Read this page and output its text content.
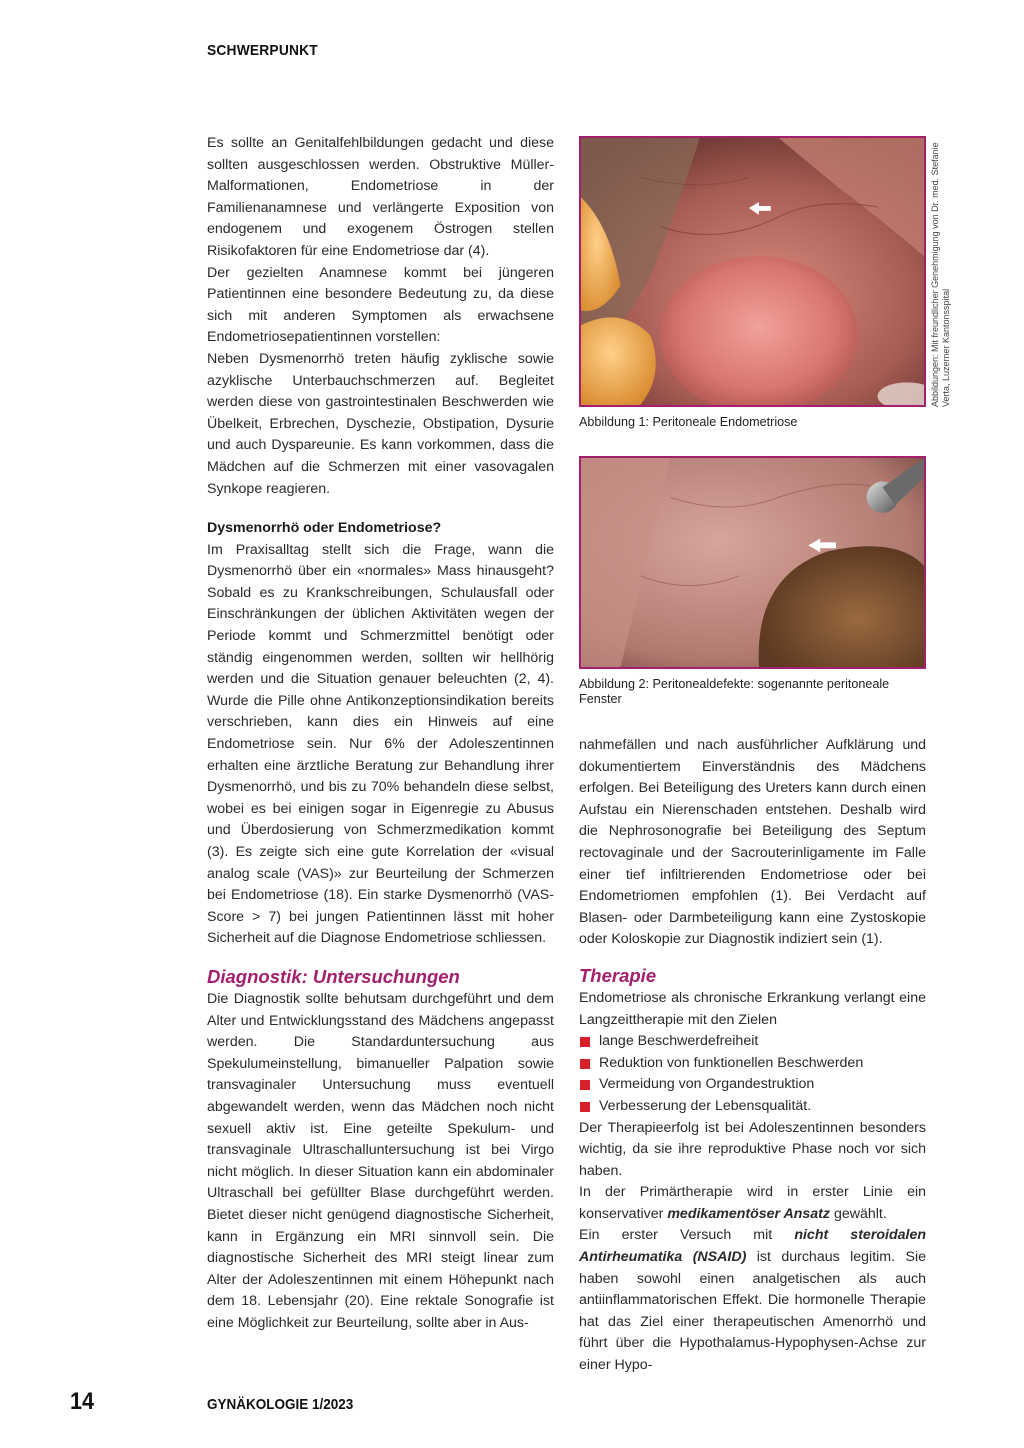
SCHWERPUNKT

Es sollte an Genitalfehlbildungen gedacht und diese sollten ausgeschlossen werden. Obstruktive Müller-Malformationen, Endometriose in der Familienanamnese und verlängerte Exposition von endogenem und exogenem Östrogen stellen Risikofaktoren für eine Endometriose dar (4).

Der gezielten Anamnese kommt bei jüngeren Patientinnen eine besondere Bedeutung zu, da diese sich mit anderen Symptomen als erwachsene Endometriosepatientinnen vorstellen:

Neben Dysmenorrhö treten häufig zyklische sowie azyklische Unterbauchschmerzen auf. Begleitet werden diese von gastrointestinalen Beschwerden wie Übelkeit, Erbrechen, Dyschezie, Obstipation, Dysurie und auch Dyspareunie. Es kann vorkommen, dass die Mädchen auf die Schmerzen mit einer vasovagalen Synkope reagieren.

Dysmenorrhö oder Endometriose?

Im Praxisalltag stellt sich die Frage, wann die Dysmenorrhö über ein «normales» Mass hinausgeht? Sobald es zu Krankschreibungen, Schulausfall oder Einschränkungen der üblichen Aktivitäten wegen der Periode kommt und Schmerzmittel benötigt oder ständig eingenommen werden, sollten wir hellhörig werden und die Situation genauer beleuchten (2, 4). Wurde die Pille ohne Antikonzeptionsindikation bereits verschrieben, kann dies ein Hinweis auf eine Endometriose sein. Nur 6% der Adoleszentinnen erhalten eine ärztliche Beratung zur Behandlung ihrer Dysmenorrhö, und bis zu 70% behandeln diese selbst, wobei es bei einigen sogar in Eigenregie zu Abusus und Überdosierung von Schmerzmedikation kommt (3). Es zeigte sich eine gute Korrelation der «visual analog scale (VAS)» zur Beurteilung der Schmerzen bei Endometriose (18). Ein starke Dysmenorrhö (VAS-Score > 7) bei jungen Patientinnen lässt mit hoher Sicherheit auf die Diagnose Endometriose schliessen.

Diagnostik: Untersuchungen

Die Diagnostik sollte behutsam durchgeführt und dem Alter und Entwicklungsstand des Mädchens angepasst werden. Die Standarduntersuchung aus Spekulumeinstellung, bimanueller Palpation sowie transvaginaler Untersuchung muss eventuell abgewandelt werden, wenn das Mädchen noch nicht sexuell aktiv ist. Eine geteilte Spekulum- und transvaginale Ultraschalluntersuchung ist bei Virgo nicht möglich. In dieser Situation kann ein abdominaler Ultraschall bei gefüllter Blase durchgeführt werden. Bietet dieser nicht genügend diagnostische Sicherheit, kann in Ergänzung ein MRI sinnvoll sein. Die diagnostische Sicherheit des MRI steigt linear zum Alter der Adoleszentinnen mit einem Höhepunkt nach dem 18. Lebensjahr (20). Eine rektale Sonografie ist eine Möglichkeit zur Beurteilung, sollte aber in Aus-

Abbildung 1: Peritoneale Endometriose
Abbildung 2: Peritonealdefekte: sogenannte peritoneale Fenster
Abbildungen: Mit freundlicher Genehmigung von Dr. med. Stefanie Verta, Luzerner Kantonsspital

nahmefällen und nach ausführlicher Aufklärung und dokumentiertem Einverständnis des Mädchens erfolgen. Bei Beteiligung des Ureters kann durch einen Aufstau ein Nierenschaden entstehen. Deshalb wird die Nephrosonografie bei Beteiligung des Septum rectovaginale und der Sacrouterinligamente im Falle einer tief infiltrierenden Endometriose oder bei Endometriomen empfohlen (1). Bei Verdacht auf Blasen- oder Darmbeteiligung kann eine Zystoskopie oder Koloskopie zur Diagnostik indiziert sein (1).

Therapie

Endometriose als chronische Erkrankung verlangt eine Langzeittherapie mit den Zielen

lange Beschwerdefreiheit
Reduktion von funktionellen Beschwerden
Vermeidung von Organdestruktion
Verbesserung der Lebensqualität.

Der Therapieerfolg ist bei Adoleszentinnen besonders wichtig, da sie ihre reproduktive Phase noch vor sich haben.

In der Primärtherapie wird in erster Linie ein konservativer medikamentöser Ansatz gewählt.

Ein erster Versuch mit nicht steroidalen Antirheumatika (NSAID) ist durchaus legitim. Sie haben sowohl einen analgetischen als auch antiinflammatorischen Effekt. Die hormonelle Therapie hat das Ziel einer therapeutischen Amenorrhö und führt über die Hypothalamus-Hypophysen-Achse zur einer Hypo-

14	GYNÄKOLOGIE 1/2023
